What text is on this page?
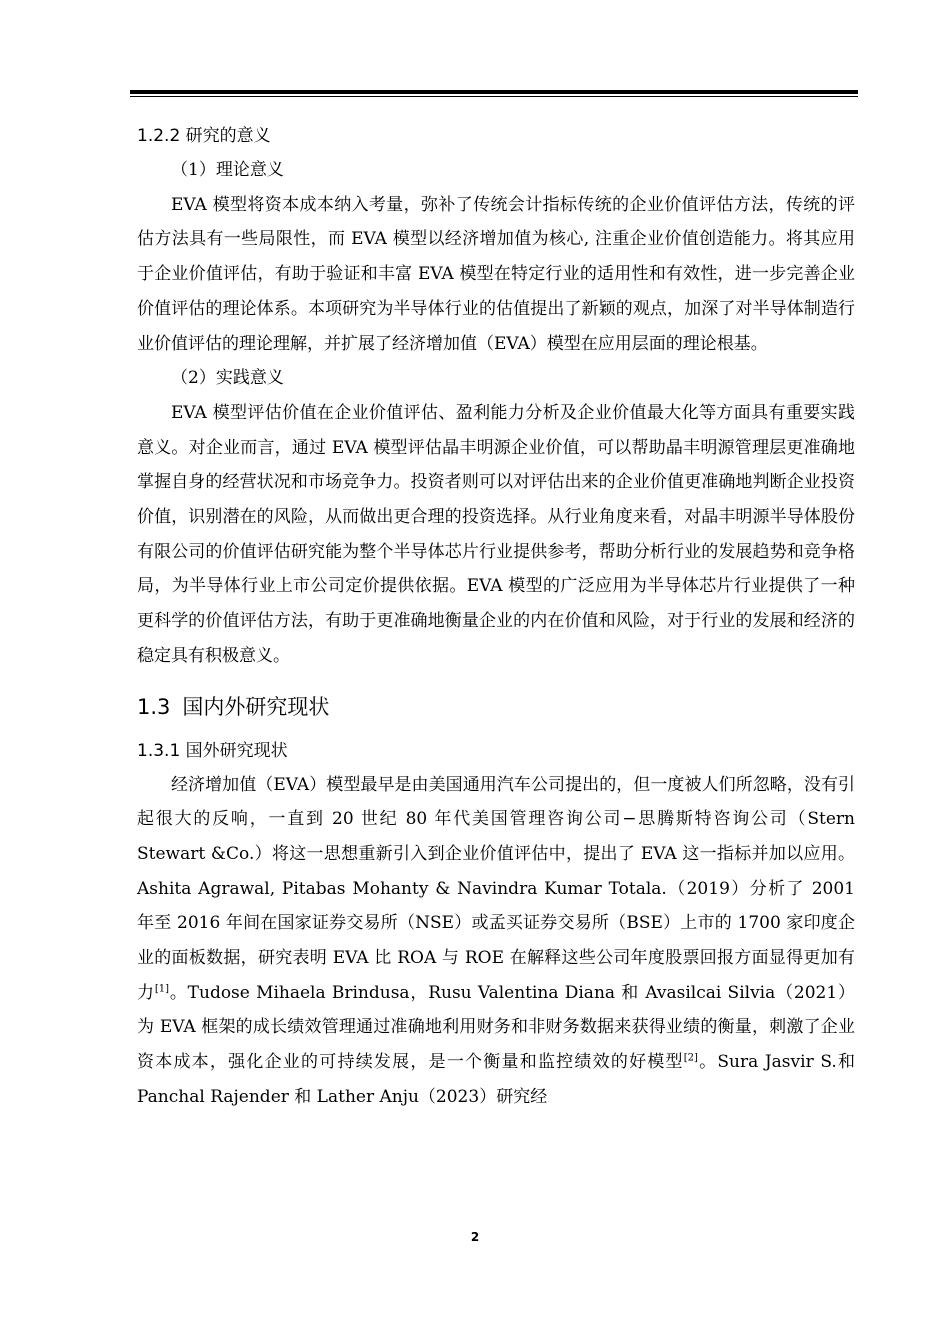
1.2.2 研究的意义

（1）理论意义

EVA 模型将资本成本纳入考量，弥补了传统会计指标传统的企业价值评估方法，传统的评估方法具有一些局限性，而 EVA 模型以经济增加值为核心, 注重企业价值创造能力。将其应用于企业价值评估，有助于验证和丰富 EVA 模型在特定行业的适用性和有效性，进一步完善企业价值评估的理论体系。本项研究为半导体行业的估值提出了新颖的观点，加深了对半导体制造行业价值评估的理论理解，并扩展了经济增加值（EVA）模型在应用层面的理论根基。

（2）实践意义

EVA 模型评估价值在企业价值评估、盈利能力分析及企业价值最大化等方面具有重要实践意义。对企业而言，通过 EVA 模型评估晶丰明源企业价值，可以帮助晶丰明源管理层更准确地掌握自身的经营状况和市场竞争力。投资者则可以对评估出来的企业价值更准确地判断企业投资价值，识别潜在的风险，从而做出更合理的投资选择。从行业角度来看，对晶丰明源半导体股份有限公司的价值评估研究能为整个半导体芯片行业提供参考，帮助分析行业的发展趋势和竞争格局，为半导体行业上市公司定价提供依据。EVA 模型的广泛应用为半导体芯片行业提供了一种更科学的价值评估方法，有助于更准确地衡量企业的内在价值和风险，对于行业的发展和经济的稳定具有积极意义。

1.3 国内外研究现状

1.3.1 国外研究现状

经济增加值（EVA）模型最早是由美国通用汽车公司提出的，但一度被人们所忽略，没有引起很大的反响，一直到 20 世纪 80 年代美国管理咨询公司−思腾斯特咨询公司（Stern Stewart &Co.）将这一思想重新引入到企业价值评估中，提出了 EVA 这一指标并加以应用。Ashita Agrawal, Pitabas Mohanty & Navindra Kumar Totala.（2019）分析了 2001 年至 2016 年间在国家证券交易所（NSE）或孟买证券交易所（BSE）上市的 1700 家印度企业的面板数据，研究表明 EVA 比 ROA 与 ROE 在解释这些公司年度股票回报方面显得更加有力[1]。Tudose Mihaela Brindusa，Rusu Valentina Diana 和 Avasilcai Silvia（2021）为 EVA 框架的成长绩效管理通过准确地利用财务和非财务数据来获得业绩的衡量，刺激了企业资本成本，强化企业的可持续发展，是一个衡量和监控绩效的好模型[2]。Sura Jasvir S.和 Panchal Rajender 和 Lather Anju（2023）研究经

2
